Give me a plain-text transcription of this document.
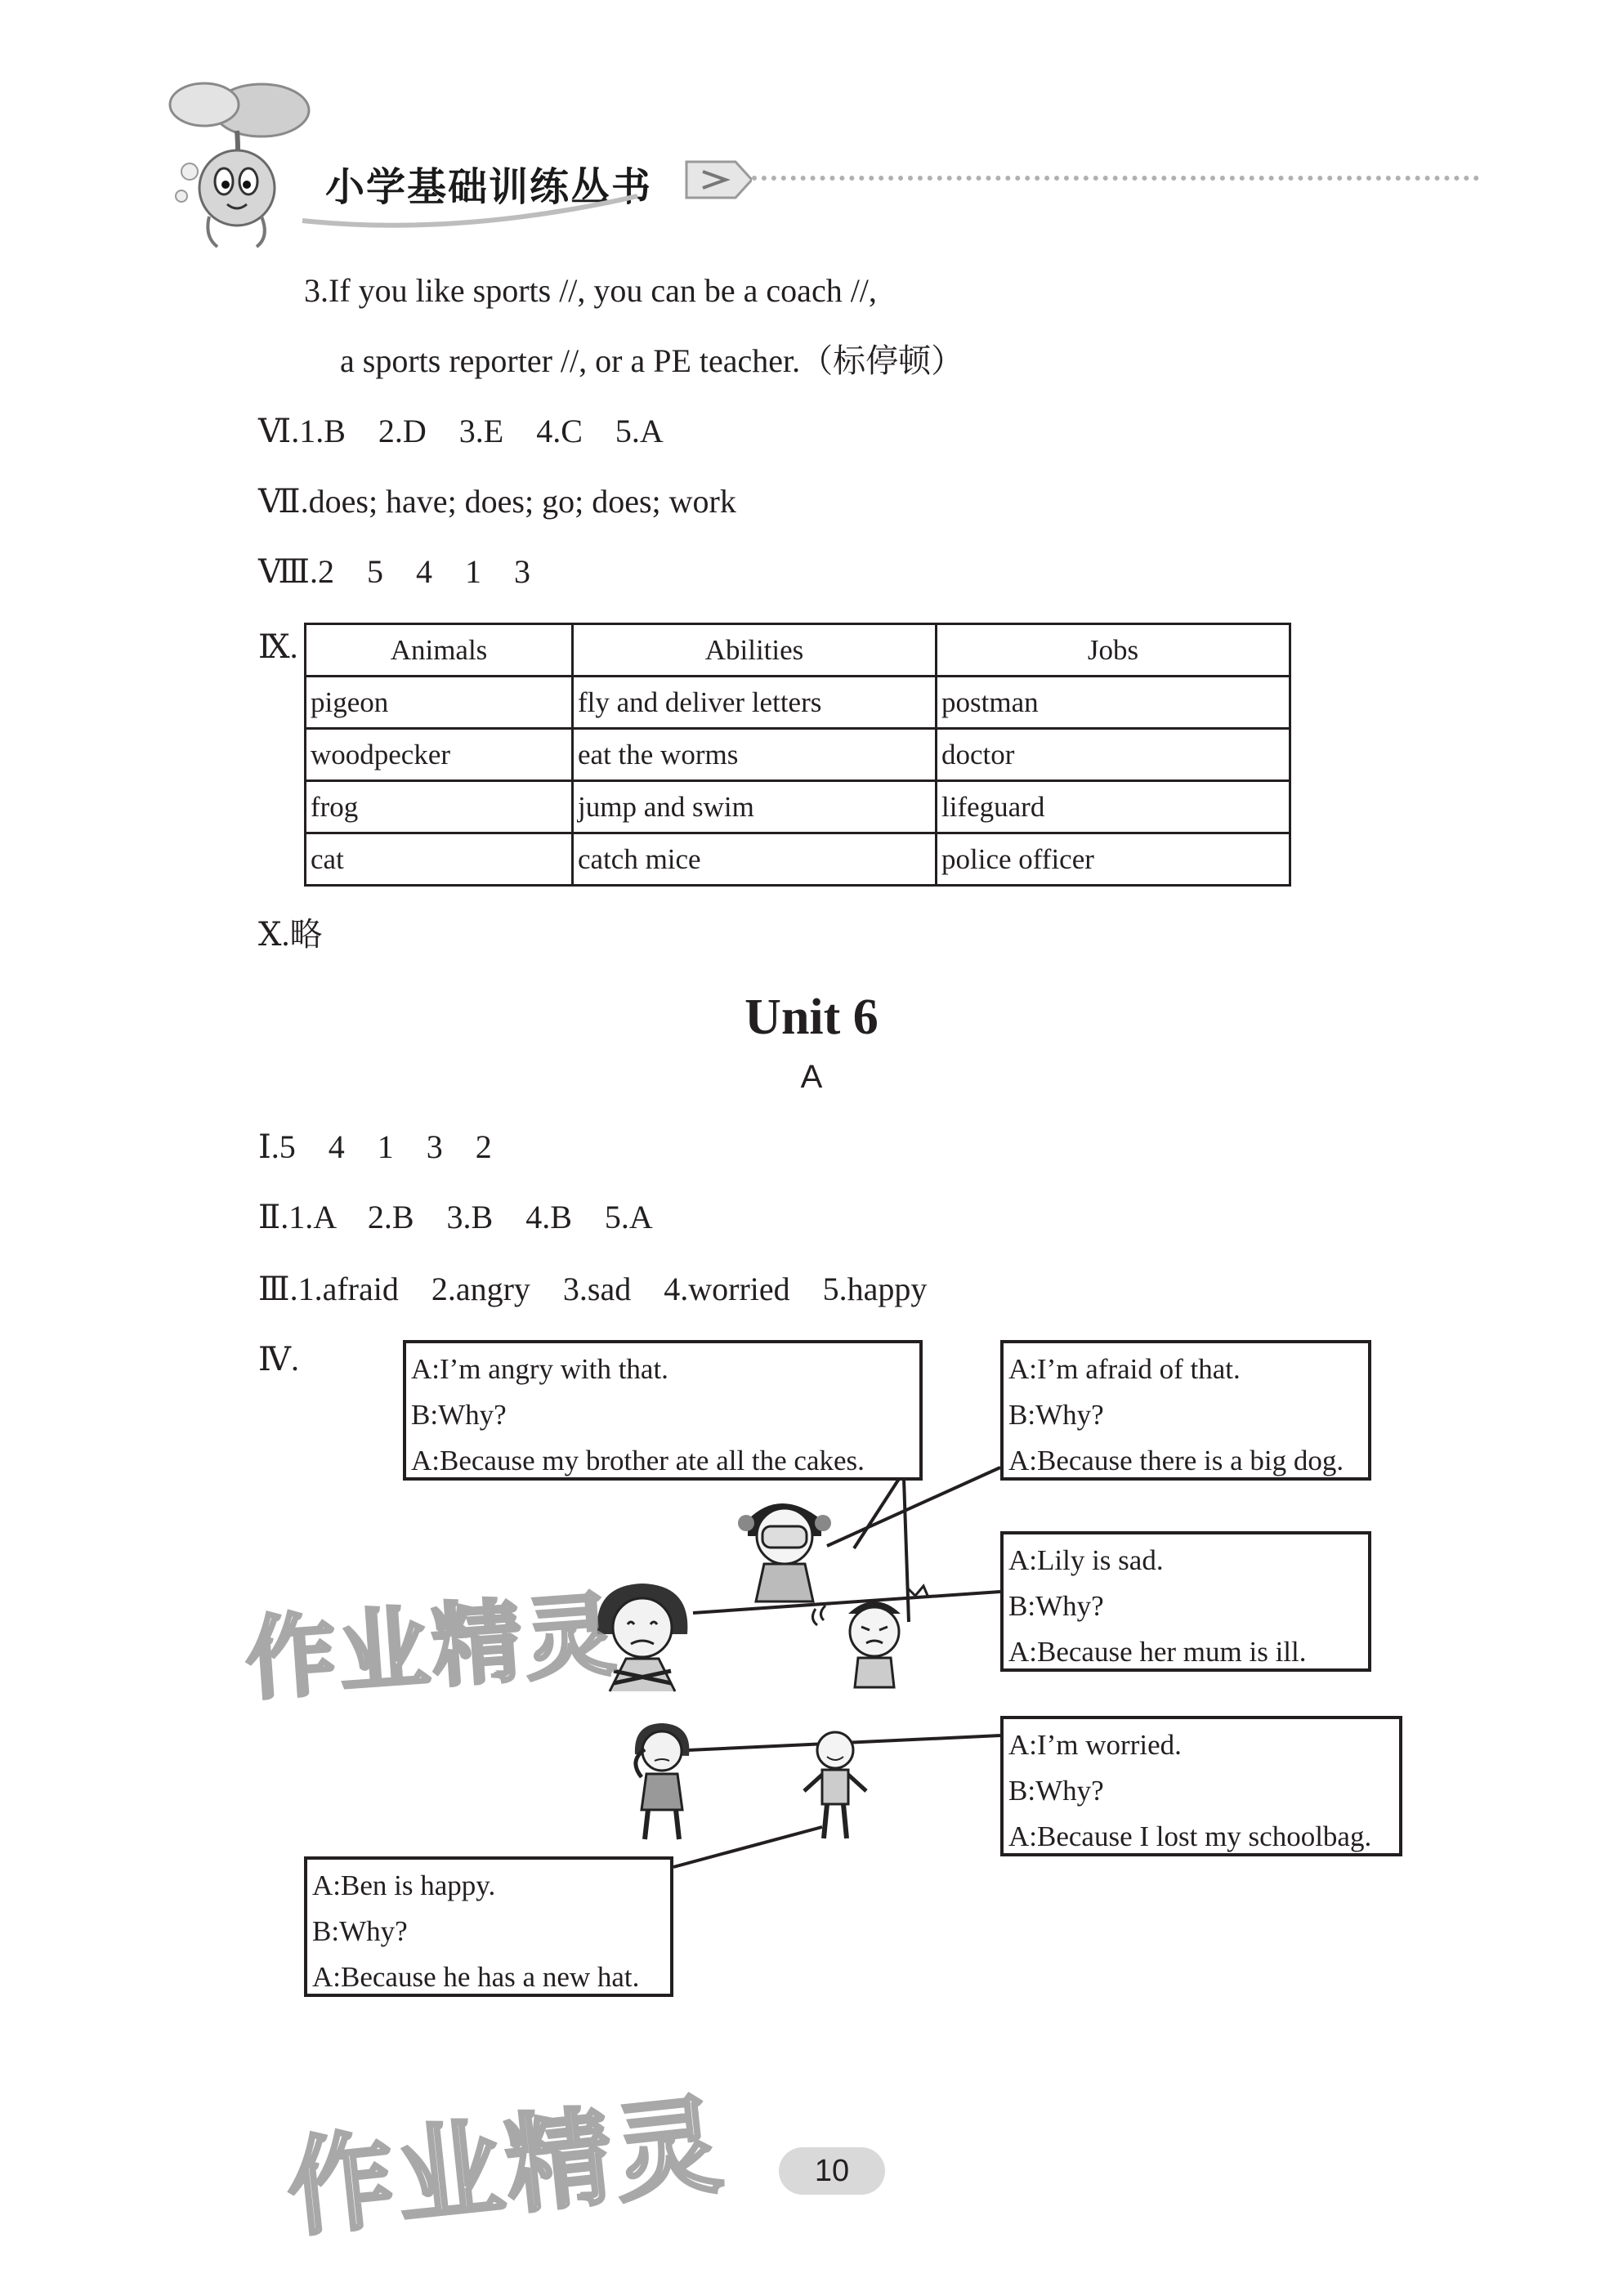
小学基础训练丛书
3.If you like sports //, you can be a coach //,
a sports reporter //, or a PE teacher.（标停顿）
Ⅵ.1.B    2.D    3.E    4.C    5.A
Ⅶ.does; have; does; go; does; work
Ⅷ.2    5    4    1    3
Ⅸ.	Animals	Abilities	Jobs
pigeon	fly and deliver letters	postman
woodpecker	eat the worms	doctor
frog	jump and swim	lifeguard
cat	catch mice	police officer
Ⅹ.略
Unit 6
A
Ⅰ.5    4    1    3    2
Ⅱ.1.A    2.B    3.B    4.B    5.A
Ⅲ.1.afraid    2.angry    3.sad    4.worried    5.happy
Ⅳ.	A:I’m angry with that.
B:Why?
A:Because my brother ate all the cakes.
A:I’m afraid of that.
B:Why?
A:Because there is a big dog.
A:Lily is sad.
B:Why?
A:Because her mum is ill.
A:I’m worried.
B:Why?
A:Because I lost my schoolbag.
A:Ben is happy.
B:Why?
A:Because he has a new hat.
作业精灵
作业精灵	10
